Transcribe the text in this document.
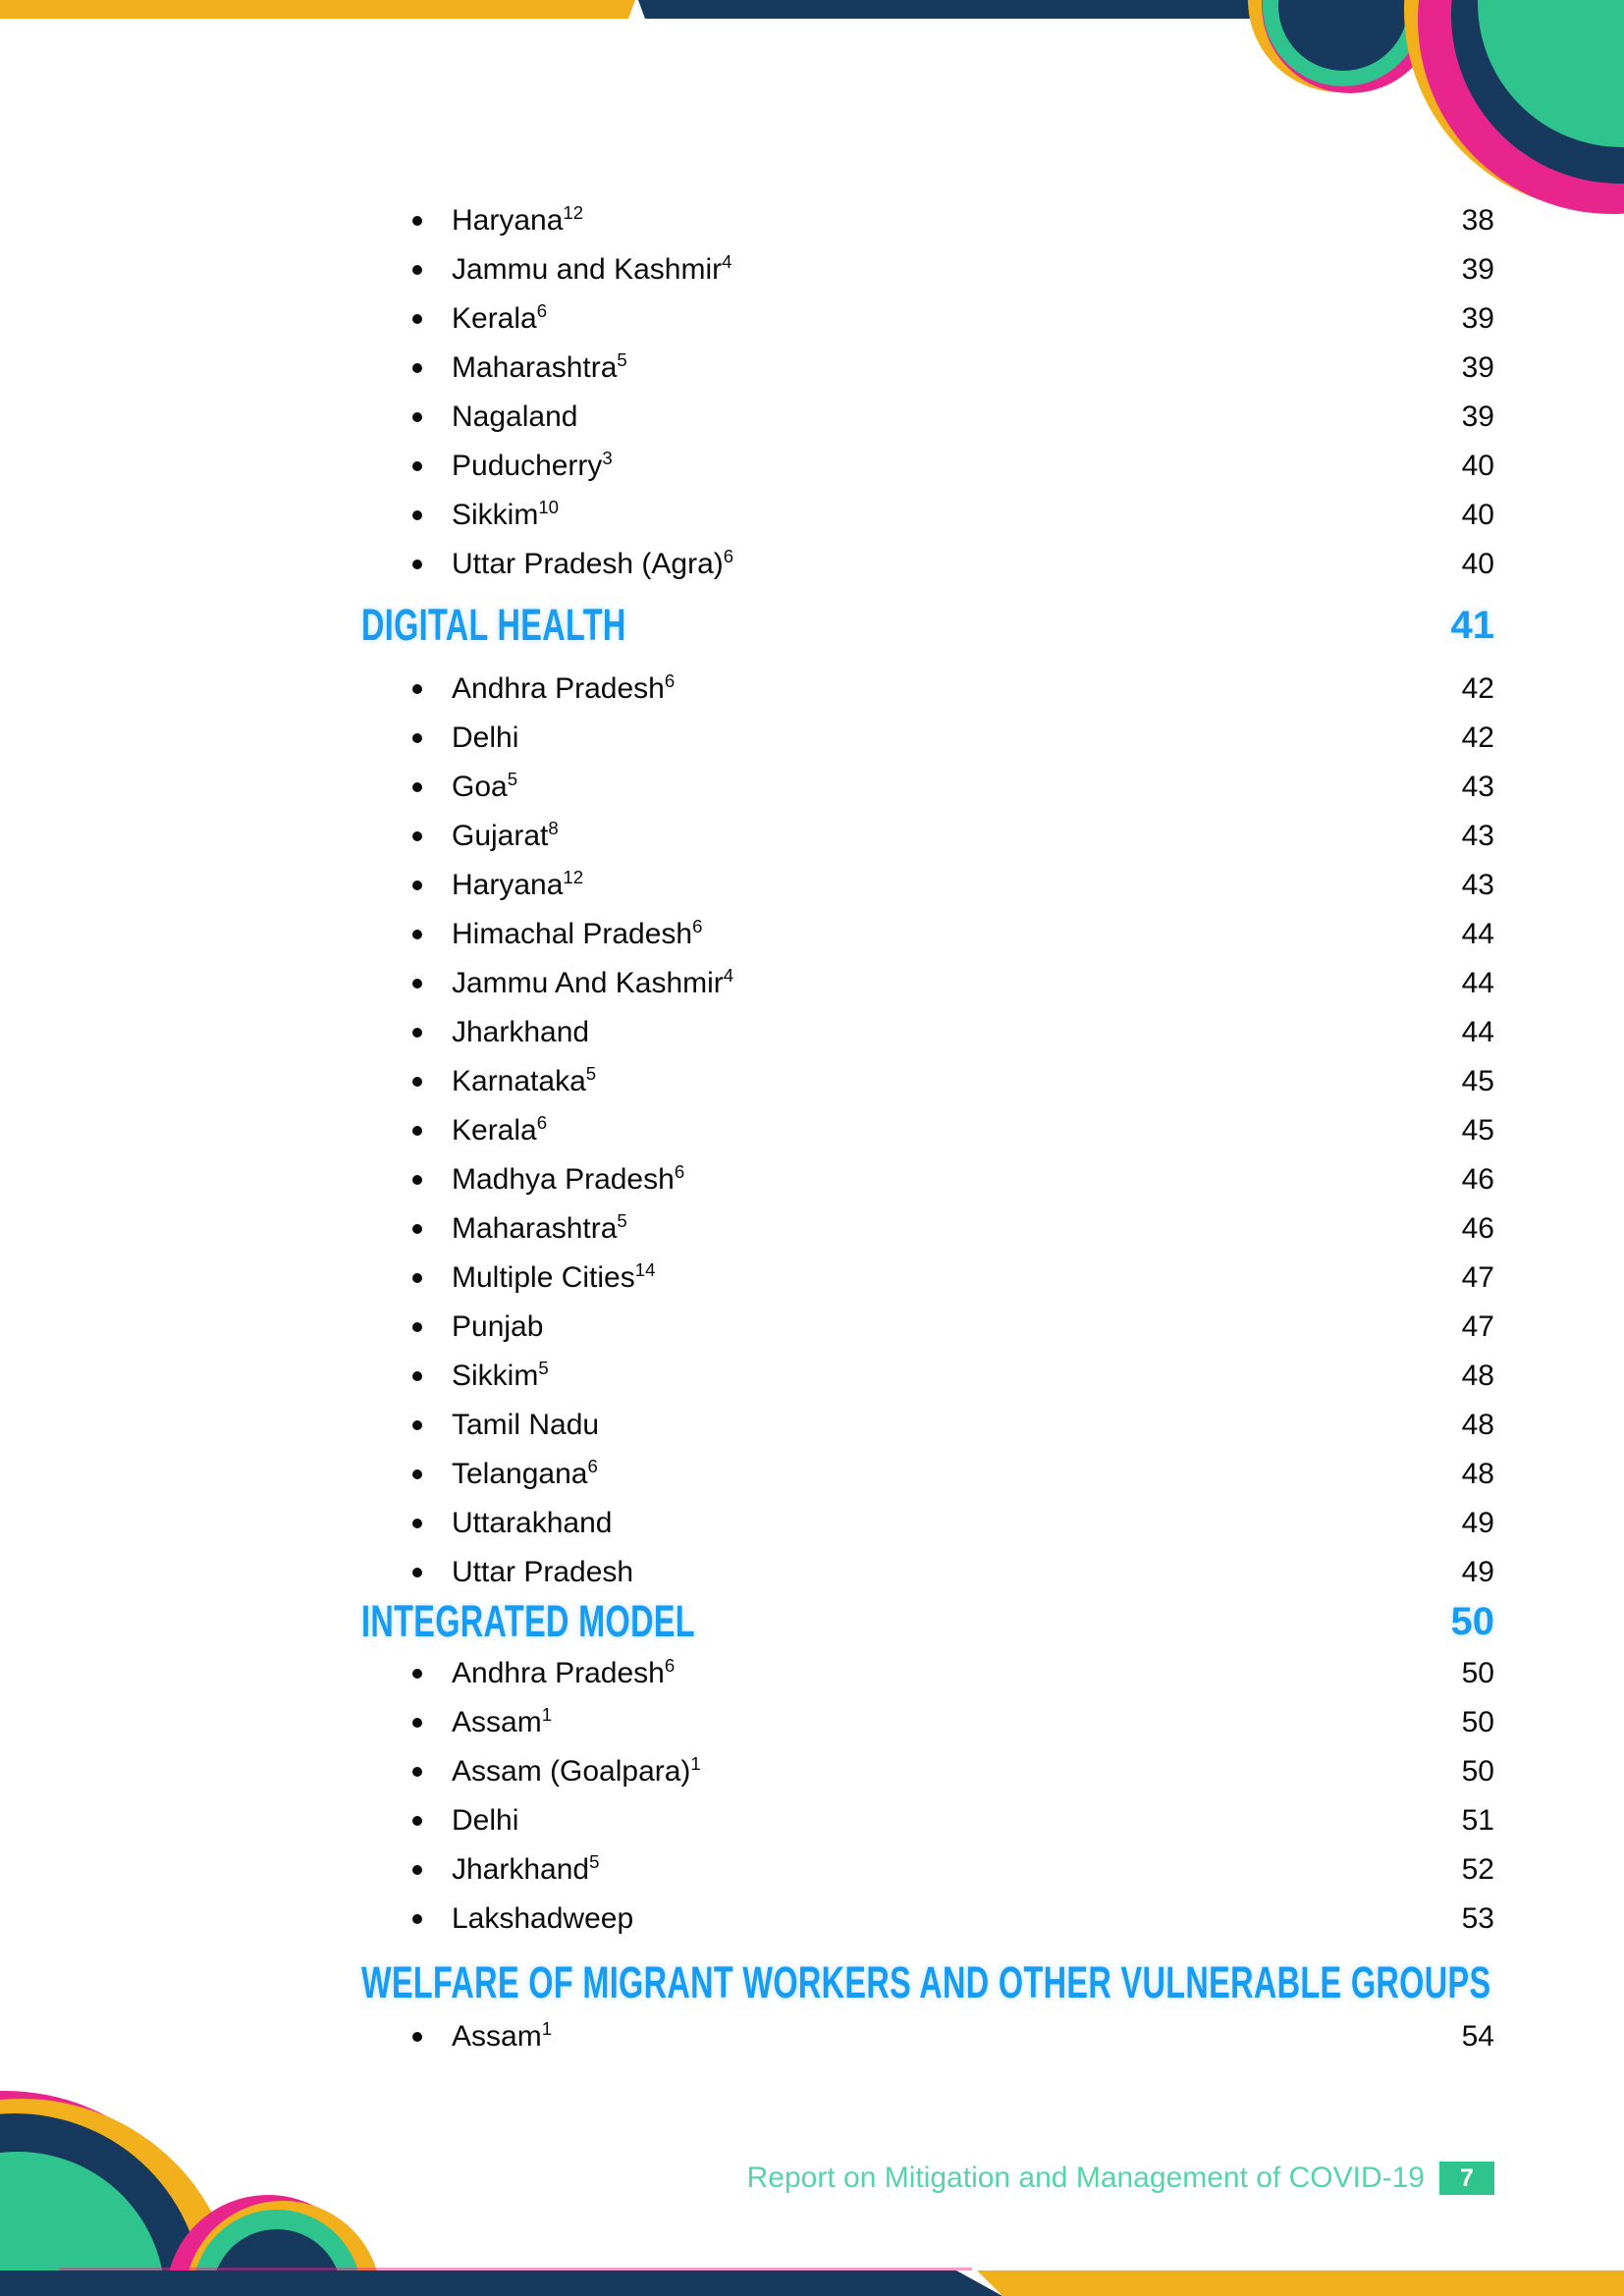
Haryana$^{12}$	38
Jammu and Kashmir$^4$	39
Kerala$^6$	39
Maharashtra$^5$	39
Nagaland	39
Puducherry$^3$	40
Sikkim$^{10}$	40
Uttar Pradesh (Agra)$^6$	40
DIGITAL HEALTH	41
Andhra Pradesh$^6$	42
Delhi	42
Goa$^5$	43
Gujarat$^8$	43
Haryana$^{12}$	43
Himachal Pradesh$^6$	44
Jammu And Kashmir$^4$	44
Jharkhand	44
Karnataka$^5$	45
Kerala$^6$	45
Madhya Pradesh$^6$	46
Maharashtra$^5$	46
Multiple Cities$^{14}$	47
Punjab	47
Sikkim$^5$	48
Tamil Nadu	48
Telangana$^6$	48
Uttarakhand	49
Uttar Pradesh	49
INTEGRATED MODEL	50
Andhra Pradesh$^6$	50
Assam$^1$	50
Assam (Goalpara)$^1$	50
Delhi	51
Jharkhand$^5$	52
Lakshadweep	53
WELFARE OF MIGRANT WORKERS AND OTHER VULNERABLE GROUPS
Assam$^1$	54
Report on Mitigation and Management of COVID-19	7
